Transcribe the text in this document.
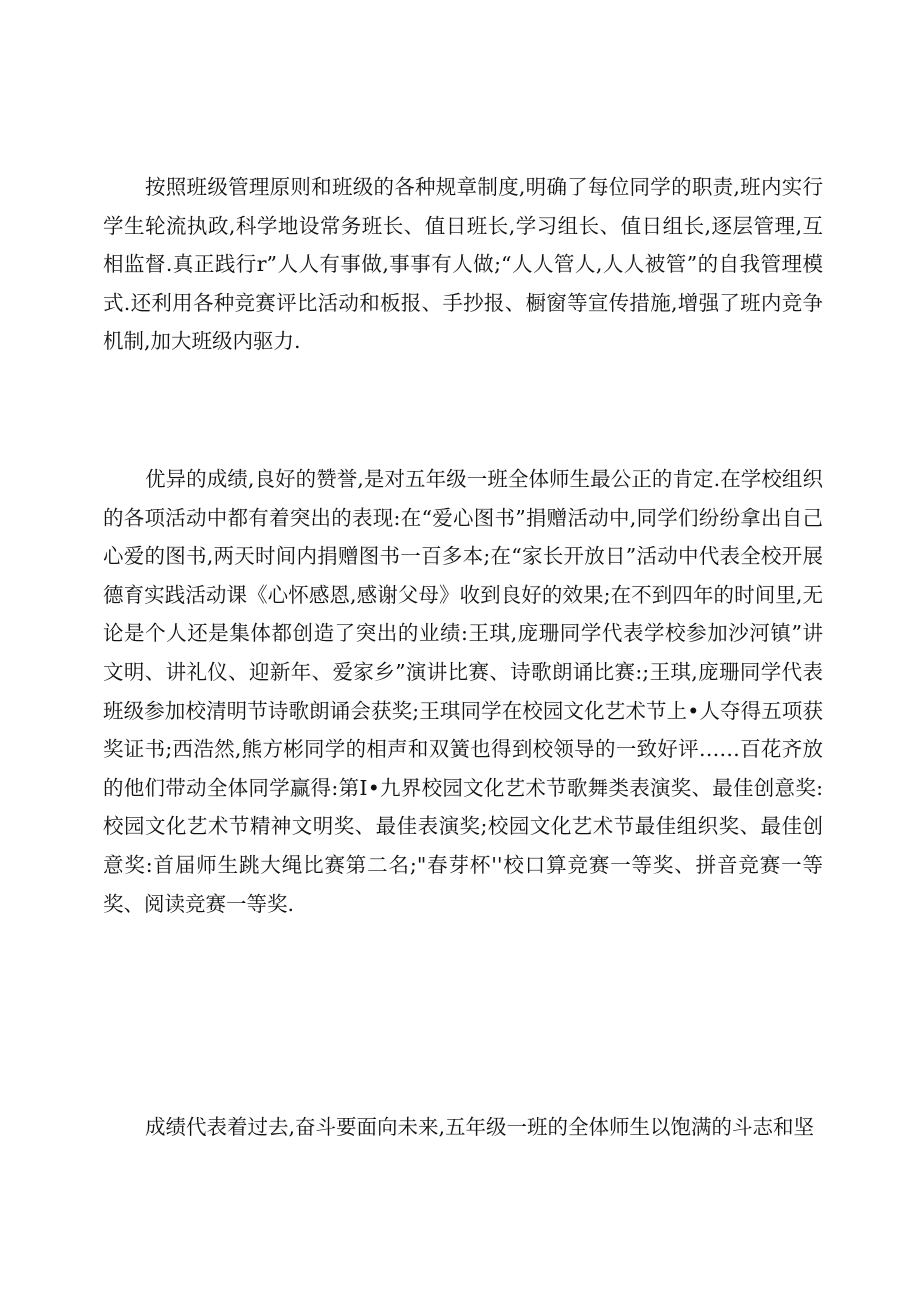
按照班级管理原则和班级的各种规章制度,明确了每位同学的职责,班内实行学生轮流执政,科学地设常务班长、值日班长,学习组长、值日组长,逐层管理,互相监督.真正践行r”人人有事做,事事有人做;“人人管人,人人被管”的自我管理模式.还利用各种竞赛评比活动和板报、手抄报、橱窗等宣传措施,增强了班内竞争机制,加大班级内驱力.

优异的成绩,良好的赞誉,是对五年级一班全体师生最公正的肯定.在学校组织的各项活动中都有着突出的表现:在“爱心图书”捐赠活动中,同学们纷纷拿出自己心爱的图书,两天时间内捐赠图书一百多本;在“家长开放日”活动中代表全校开展德育实践活动课《心怀感恩,感谢父母》收到良好的效果;在不到四年的时间里,无论是个人还是集体都创造了突出的业绩:王琪,庞珊同学代表学校参加沙河镇”讲文明、讲礼仪、迎新年、爱家乡”演讲比赛、诗歌朗诵比赛:;王琪,庞珊同学代表班级参加校清明节诗歌朗诵会获奖;王琪同学在校园文化艺术节上•人夺得五项获奖证书;西浩然,熊方彬同学的相声和双簧也得到校领导的一致好评……百花齐放的他们带动全体同学赢得:第Ⅰ•九界校园文化艺术节歌舞类表演奖、最佳创意奖:校园文化艺术节精神文明奖、最佳表演奖;校园文化艺术节最佳组织奖、最佳创意奖:首届师生跳大绳比赛第二名;"春芽杯''校口算竞赛一等奖、拼音竞赛一等奖、阅读竞赛一等奖.

成绩代表着过去,奋斗要面向未来,五年级一班的全体师生以饱满的斗志和坚
